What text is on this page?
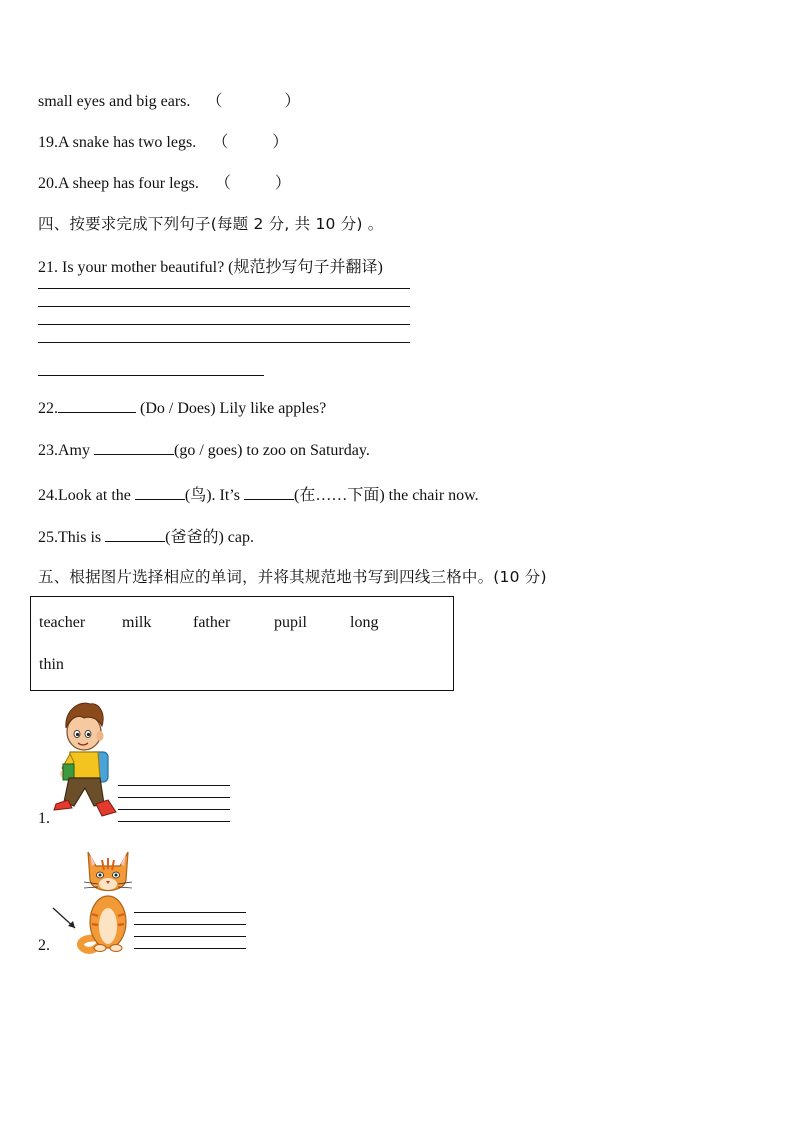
small eyes and big ears. （	）
19.A snake has two legs. （	）
20.A sheep has four legs. （	）
四、按要求完成下列句子(每题 2 分, 共 10 分) 。
21. Is your mother beautiful? (规范抄写句子并翻译)
22.	(Do / Does) Lily like apples?
23.Amy	(go / goes) to zoo on Saturday.
24.Look at the	(鸟). It’s	(在……下面) the chair now.
25.This is	(爸爸的) cap.
五、根据图片选择相应的单词，并将其规范地书写到四线三格中。(10 分)
teacher milk	father	pupil	long
thin
1.
2.
